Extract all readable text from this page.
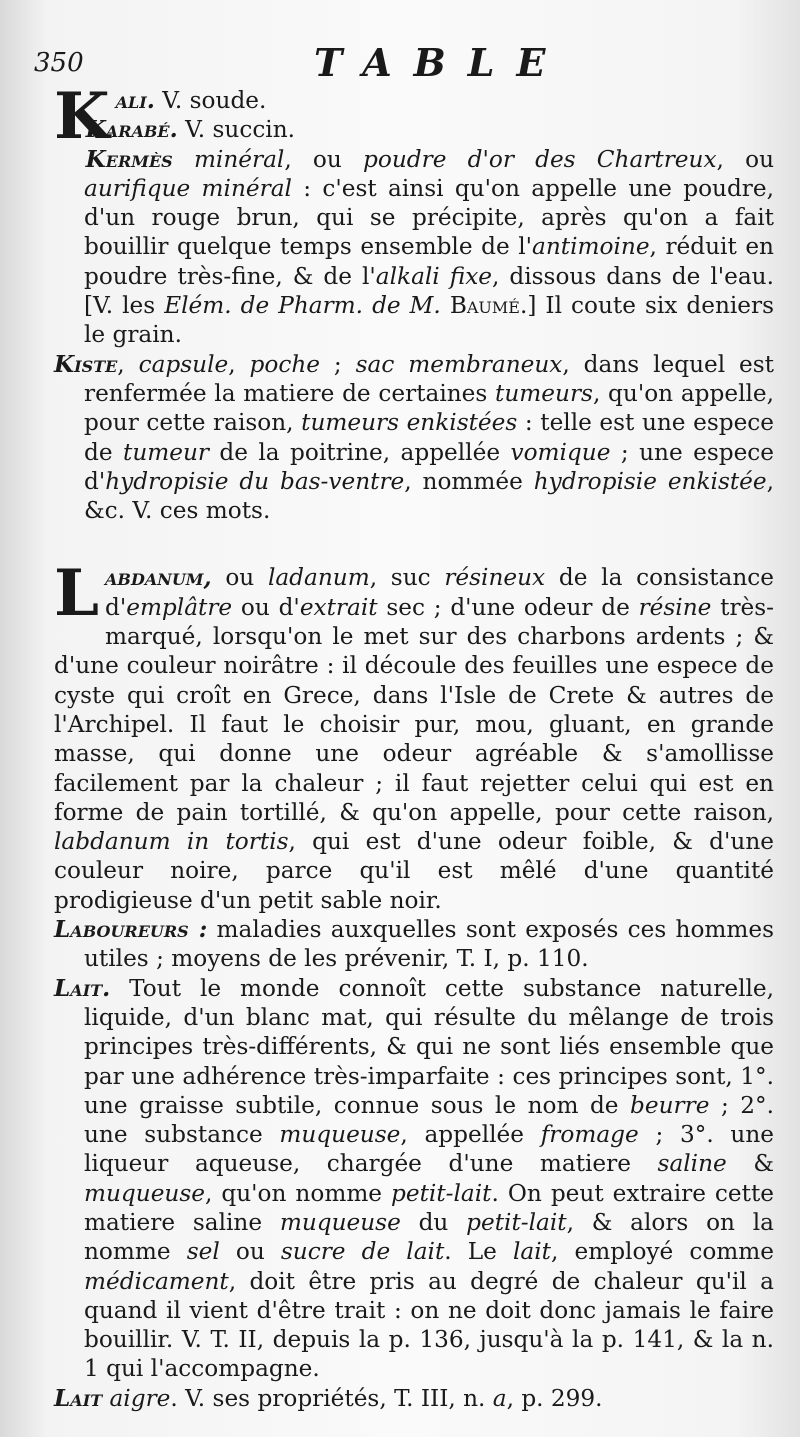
350	TABLE

Kali. V. soude.

Karabé. V. succin.

Kermès minéral, ou poudre d'or des Chartreux, ou aurifique minéral : c'est ainsi qu'on appelle une poudre, d'un rouge brun, qui se précipite, après qu'on a fait bouillir quelque temps ensemble de l'antimoine, réduit en poudre très-fine, & de l'alkali fixe, dissous dans de l'eau. [V. les Elém. de Pharm. de M. Baumé.] Il coute six deniers le grain.

Kiste, capsule, poche ; sac membraneux, dans lequel est renfermée la matiere de certaines tumeurs, qu'on appelle, pour cette raison, tumeurs enkistées : telle est une espece de tumeur de la poitrine, appellée vomique ; une espece d'hydropisie du bas-ventre, nommée hydropisie enkistée, &c. V. ces mots.

Labdanum, ou ladanum, suc résineux de la consistance d'emplâtre ou d'extrait sec ; d'une odeur de résine très-marqué, lorsqu'on le met sur des charbons ardents ; & d'une couleur noirâtre : il découle des feuilles une espece de cyste qui croît en Grece, dans l'Isle de Crete & autres de l'Archipel. Il faut le choisir pur, mou, gluant, en grande masse, qui donne une odeur agréable & s'amollisse facilement par la chaleur ; il faut rejetter celui qui est en forme de pain tortillé, & qu'on appelle, pour cette raison, labdanum in tortis, qui est d'une odeur foible, & d'une couleur noire, parce qu'il est mêlé d'une quantité prodigieuse d'un petit sable noir.

Laboureurs : maladies auxquelles sont exposés ces hommes utiles ; moyens de les prévenir, T. I, p. 110.

Lait. Tout le monde connoît cette substance naturelle, liquide, d'un blanc mat, qui résulte du mêlange de trois principes très-différents, & qui ne sont liés ensemble que par une adhérence très-imparfaite : ces principes sont, 1°. une graisse subtile, connue sous le nom de beurre ; 2°. une substance muqueuse, appellée fromage ; 3°. une liqueur aqueuse, chargée d'une matiere saline & muqueuse, qu'on nomme petit-lait. On peut extraire cette matiere saline muqueuse du petit-lait, & alors on la nomme sel ou sucre de lait. Le lait, employé comme médicament, doit être pris au degré de chaleur qu'il a quand il vient d'être trait : on ne doit donc jamais le faire bouillir. V. T. II, depuis la p. 136, jusqu'à la p. 141, & la n. 1 qui l'accompagne.

Lait aigre. V. ses propriétés, T. III, n. a, p. 299.
